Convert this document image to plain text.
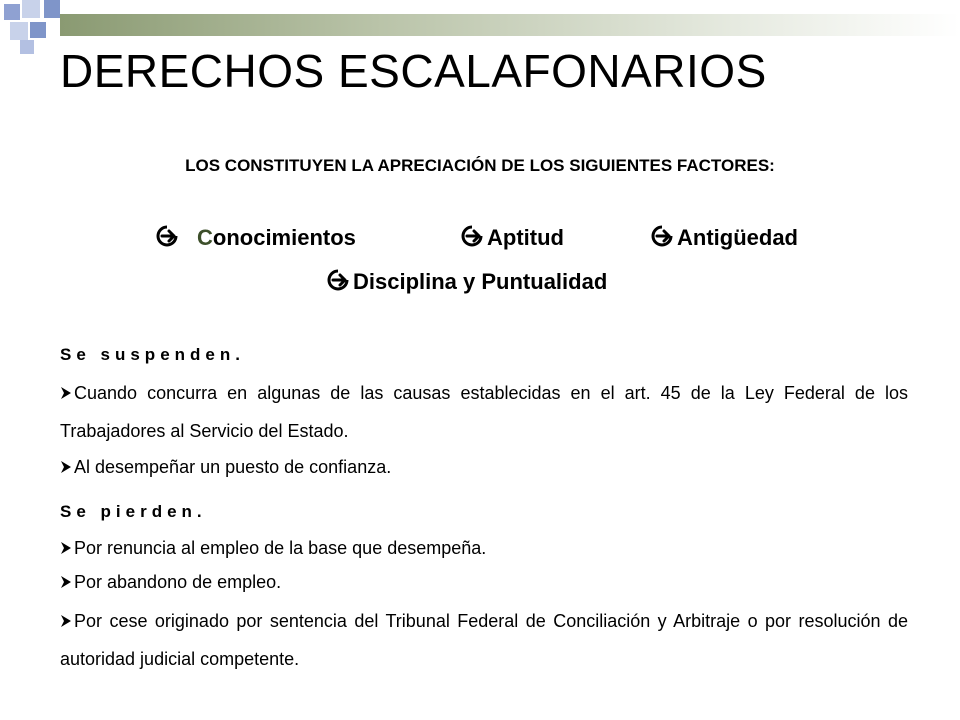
DERECHOS ESCALAFONARIOS
LOS CONSTITUYEN LA APRECIACIÓN DE LOS SIGUIENTES FACTORES:
Conocimientos	Aptitud	Antigüedad
Disciplina y Puntualidad
Se suspenden.
Cuando concurra en algunas de las causas establecidas en el art. 45 de la Ley Federal de los Trabajadores al Servicio del Estado.
Al desempeñar un puesto de confianza.
Se pierden.
Por renuncia al empleo de la base que desempeña.
Por abandono de empleo.
Por cese originado por sentencia del Tribunal Federal de Conciliación y Arbitraje o por resolución de autoridad judicial competente.
